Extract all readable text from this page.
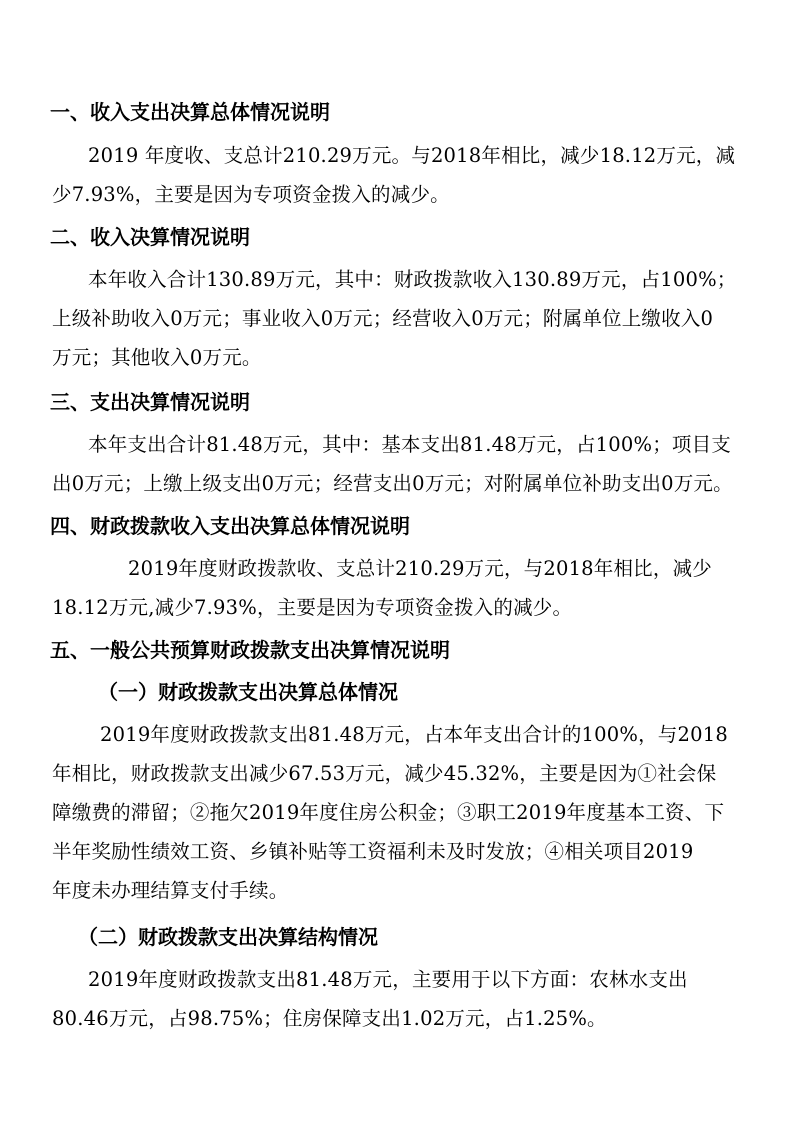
一、收入支出决算总体情况说明
2019 年度收、支总计210.29万元。与2018年相比，减少18.12万元，减
少7.93%，主要是因为专项资金拨入的减少。
二、收入决算情况说明
本年收入合计130.89万元，其中：财政拨款收入130.89万元，占100%；
上级补助收入0万元；事业收入0万元；经营收入0万元；附属单位上缴收入0
万元；其他收入0万元。
三、支出决算情况说明
本年支出合计81.48万元，其中：基本支出81.48万元，占100%；项目支
出0万元；上缴上级支出0万元；经营支出0万元；对附属单位补助支出0万元。
四、财政拨款收入支出决算总体情况说明
2019年度财政拨款收、支总计210.29万元，与2018年相比，减少
18.12万元,减少7.93%，主要是因为专项资金拨入的减少。
五、一般公共预算财政拨款支出决算情况说明
（一）财政拨款支出决算总体情况
2019年度财政拨款支出81.48万元，占本年支出合计的100%，与2018
年相比，财政拨款支出减少67.53万元，减少45.32%，主要是因为①社会保
障缴费的滞留；②拖欠2019年度住房公积金；③职工2019年度基本工资、下
半年奖励性绩效工资、乡镇补贴等工资福利未及时发放；④相关项目2019
年度未办理结算支付手续。
（二）财政拨款支出决算结构情况
2019年度财政拨款支出81.48万元，主要用于以下方面：农林水支出
80.46万元，占98.75%；住房保障支出1.02万元，占1.25%。
